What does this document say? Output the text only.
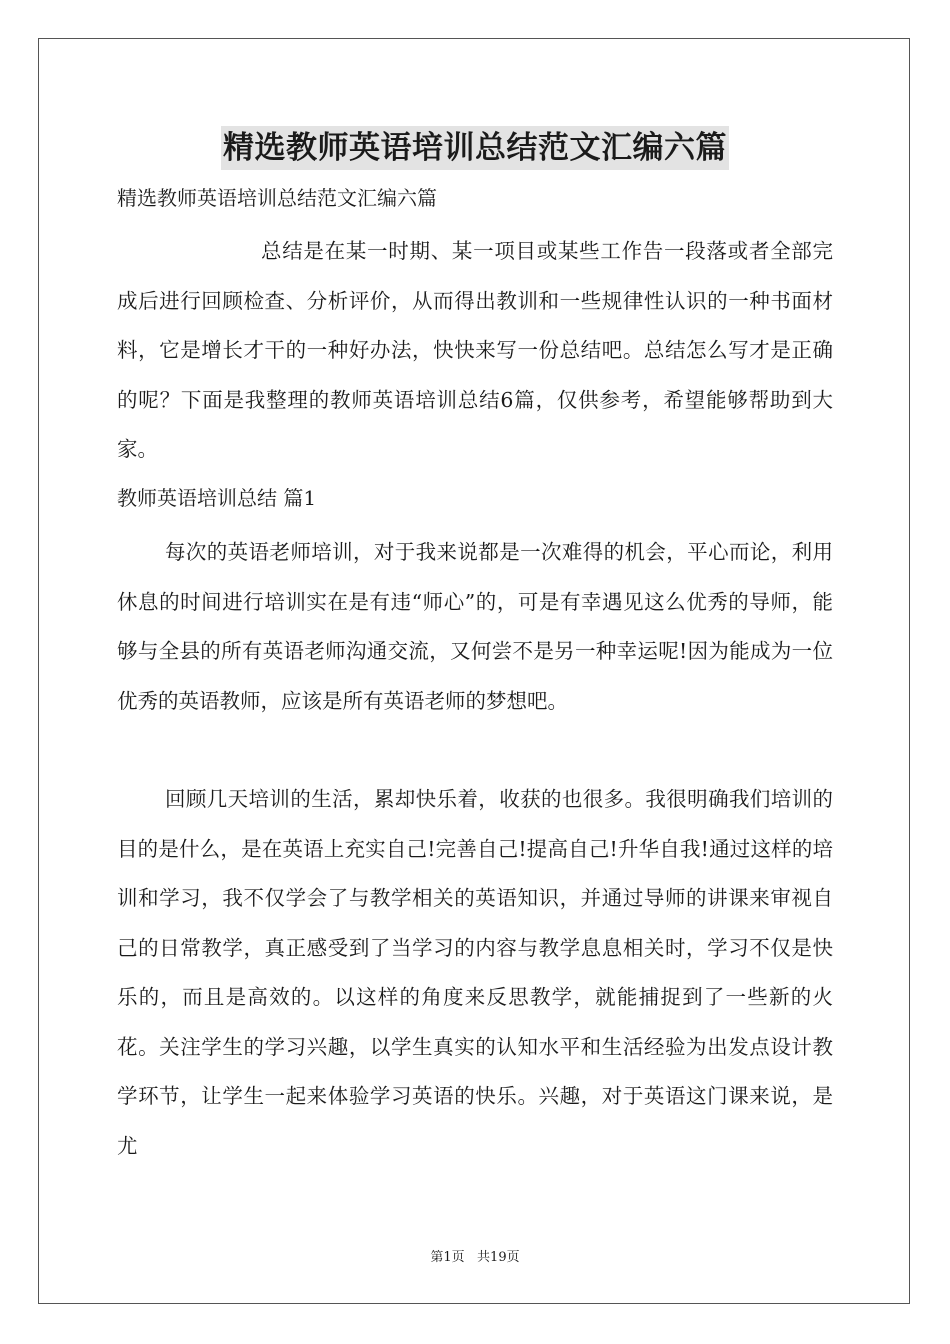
精选教师英语培训总结范文汇编六篇
精选教师英语培训总结范文汇编六篇

总结是在某一时期、某一项目或某些工作告一段落或者全部完成后进行回顾检查、分析评价，从而得出教训和一些规律性认识的一种书面材料，它是增长才干的一种好办法，快快来写一份总结吧。总结怎么写才是正确的呢？下面是我整理的教师英语培训总结6篇，仅供参考，希望能够帮助到大家。

教师英语培训总结 篇1

每次的英语老师培训，对于我来说都是一次难得的机会，平心而论，利用休息的时间进行培训实在是有违“师心”的，可是有幸遇见这么优秀的导师，能够与全县的所有英语老师沟通交流，又何尝不是另一种幸运呢!因为能成为一位优秀的英语教师，应该是所有英语老师的梦想吧。

回顾几天培训的生活，累却快乐着，收获的也很多。我很明确我们培训的目的是什么，是在英语上充实自己!完善自己!提高自己!升华自我!通过这样的培训和学习，我不仅学会了与教学相关的英语知识，并通过导师的讲课来审视自己的日常教学，真正感受到了当学习的内容与教学息息相关时，学习不仅是快乐的，而且是高效的。以这样的角度来反思教学，就能捕捉到了一些新的火花。关注学生的学习兴趣，以学生真实的认知水平和生活经验为出发点设计教学环节，让学生一起来体验学习英语的快乐。兴趣，对于英语这门课来说，是尤

第1页   共19页
